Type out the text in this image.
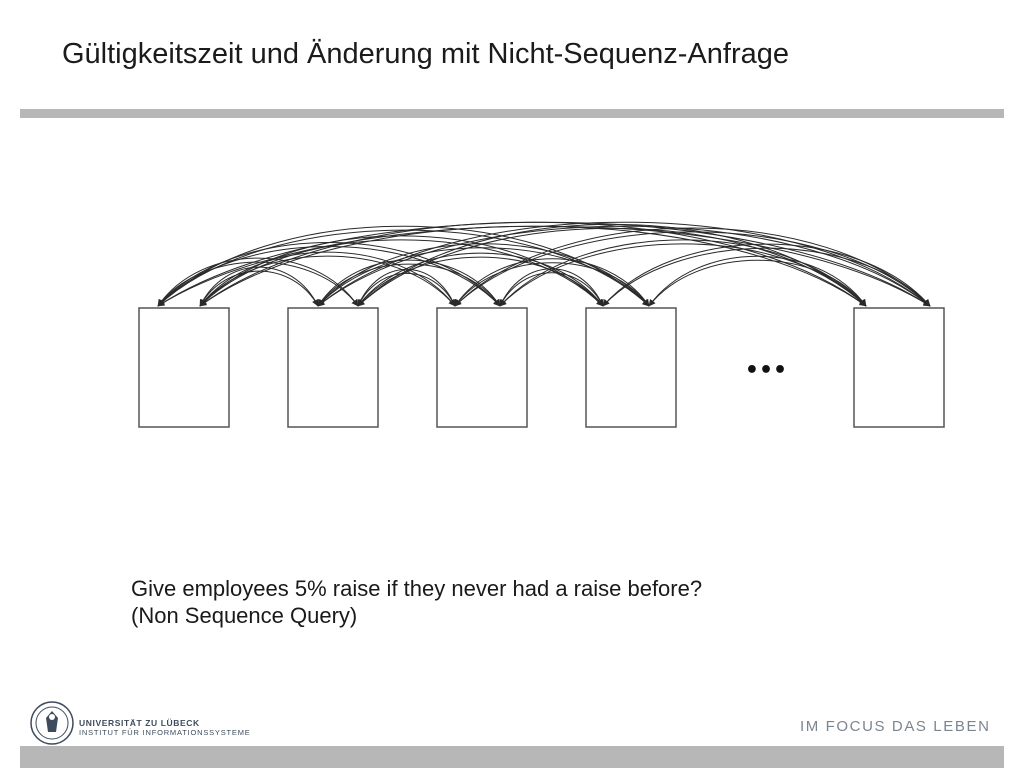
Gültigkeitszeit und Änderung mit Nicht-Sequenz-Anfrage
•••
Give employees 5% raise if they never had a raise before?
(Non Sequence Query)
UNIVERSITÄT ZU LÜBECK
INSTITUT FÜR INFORMATIONSSYSTEME	IM FOCUS DAS LEBEN
